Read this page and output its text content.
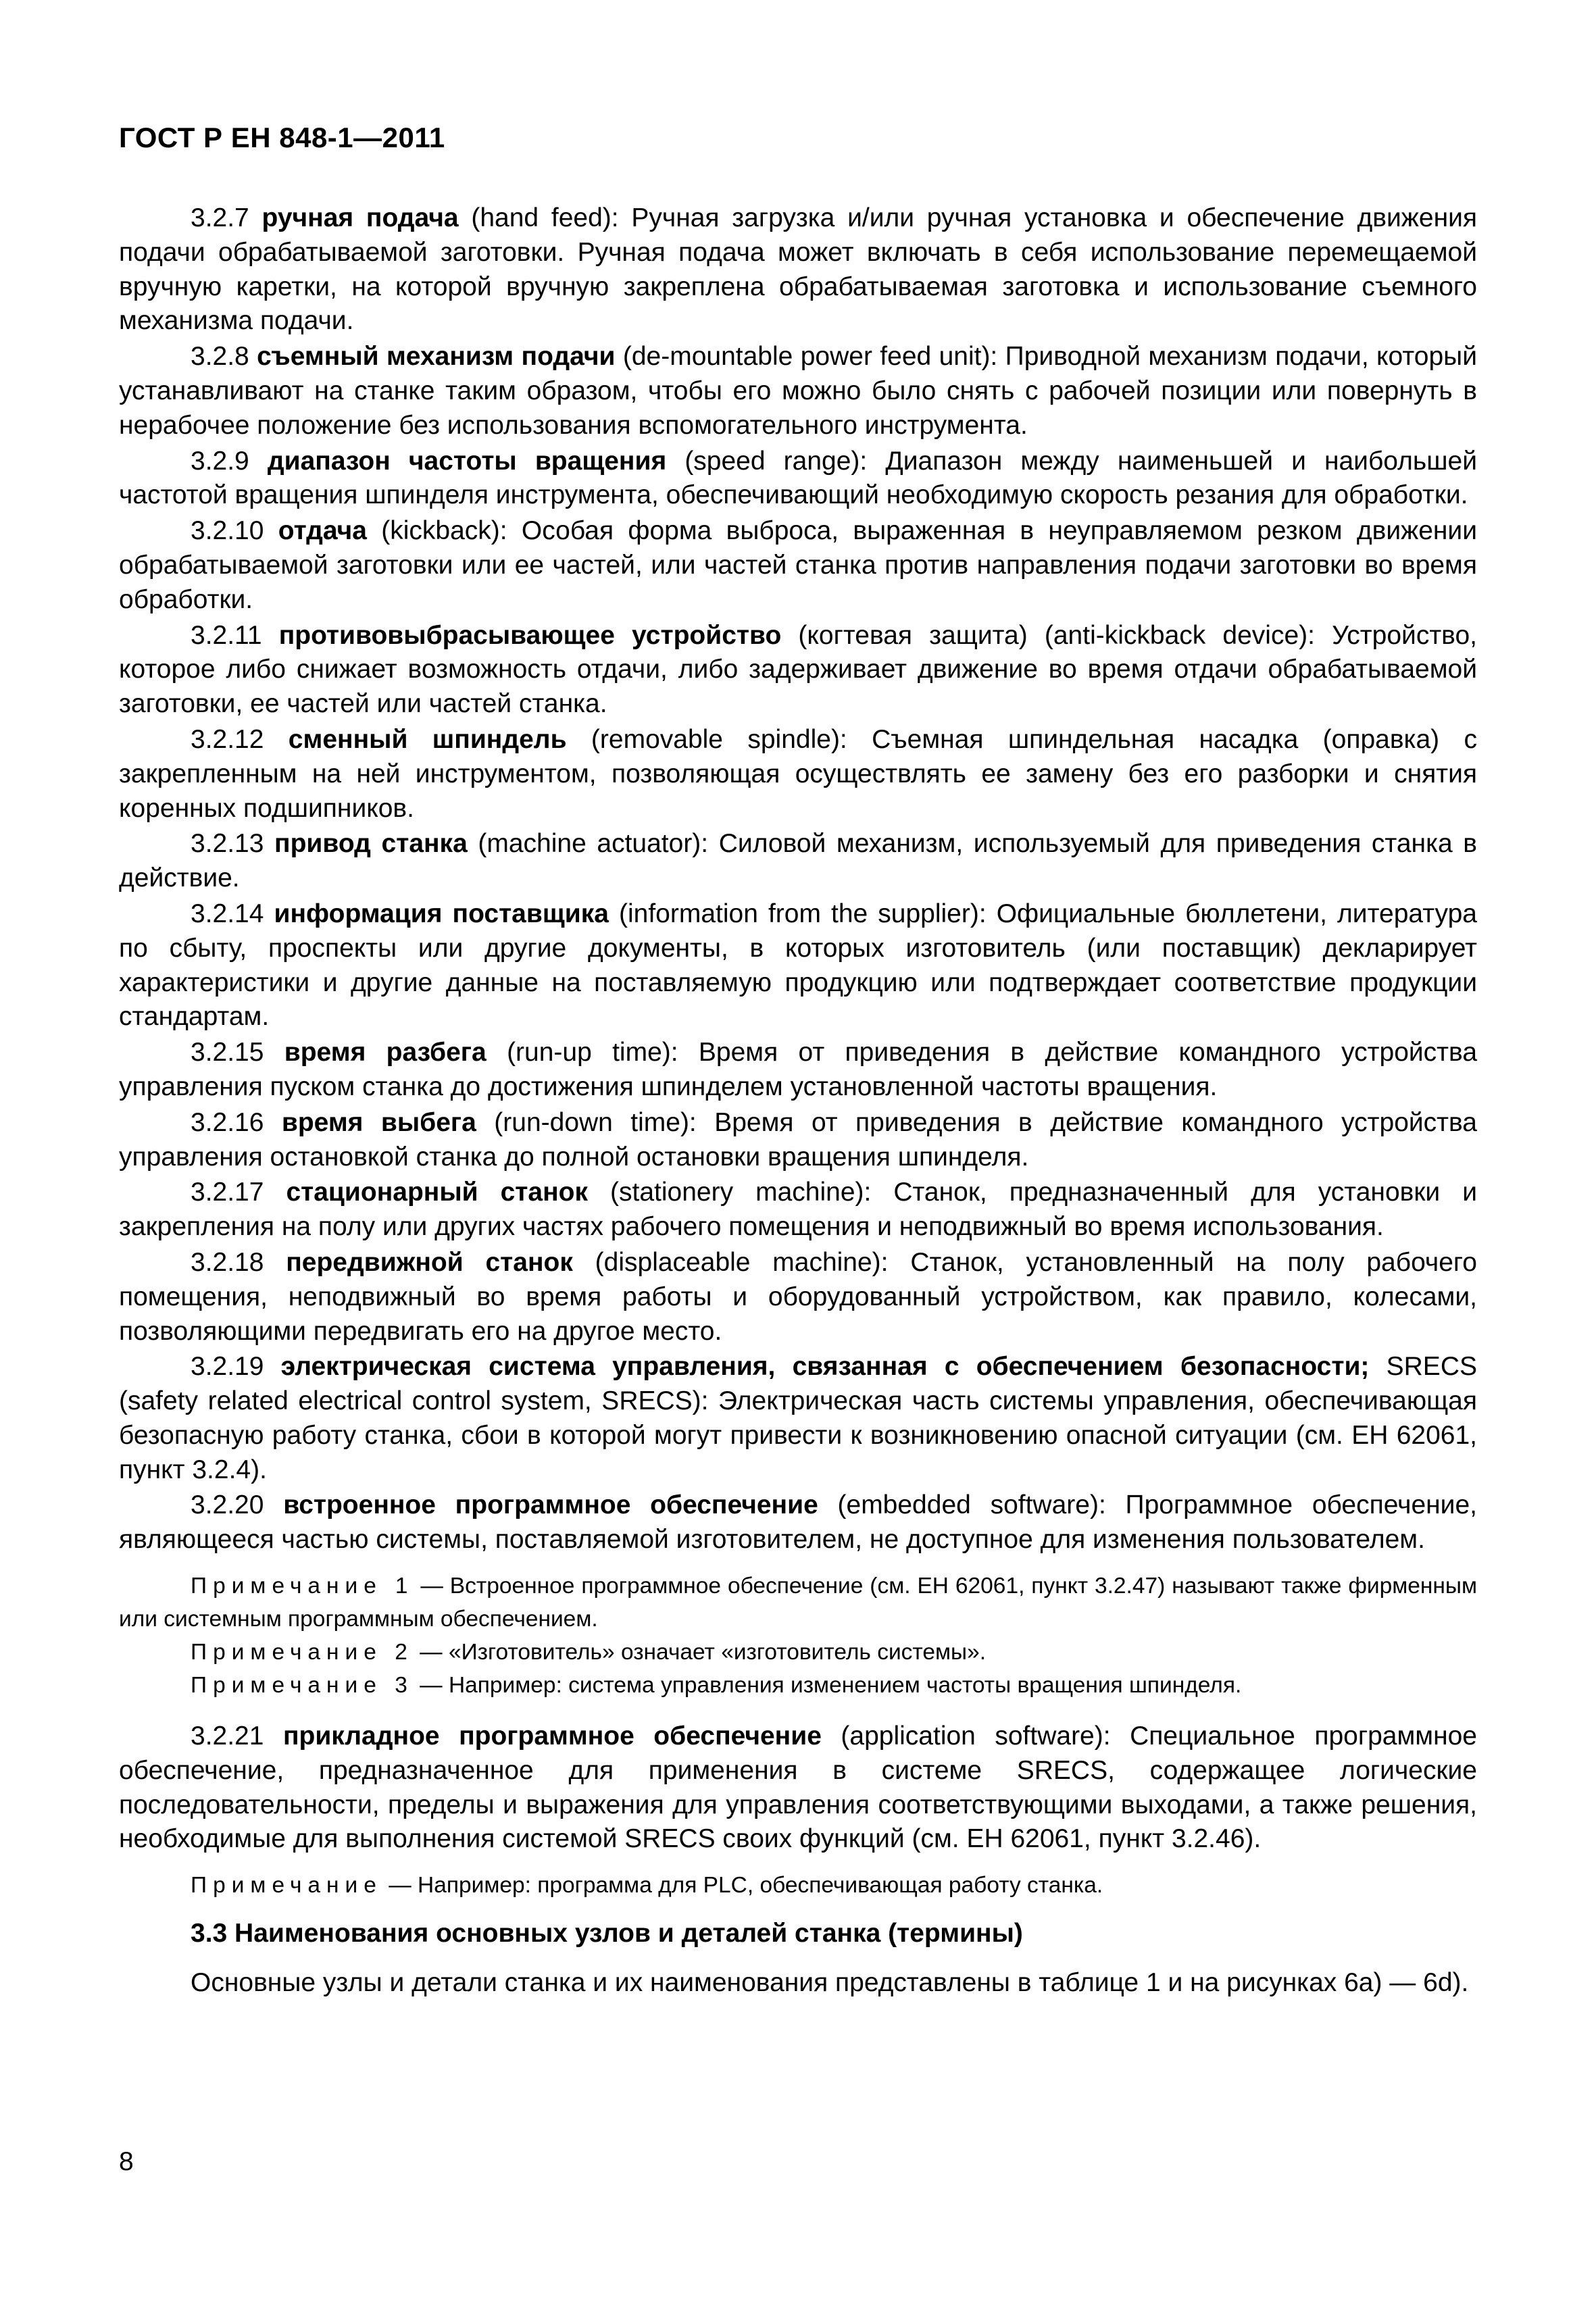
ГОСТ Р ЕН 848-1—2011

3.2.7 ручная подача (hand feed): Ручная загрузка и/или ручная установка и обеспечение движения подачи обрабатываемой заготовки. Ручная подача может включать в себя использование перемещаемой вручную каретки, на которой вручную закреплена обрабатываемая заготовка и использование съемного механизма подачи.

3.2.8 съемный механизм подачи (de-mountable power feed unit): Приводной механизм подачи, который устанавливают на станке таким образом, чтобы его можно было снять с рабочей позиции или повернуть в нерабочее положение без использования вспомогательного инструмента.

3.2.9 диапазон частоты вращения (speed range): Диапазон между наименьшей и наибольшей частотой вращения шпинделя инструмента, обеспечивающий необходимую скорость резания для обработки.

3.2.10 отдача (kickback): Особая форма выброса, выраженная в неуправляемом резком движении обрабатываемой заготовки или ее частей, или частей станка против направления подачи заготовки во время обработки.

3.2.11 противовыбрасывающее устройство (когтевая защита) (anti-kickback device): Устройство, которое либо снижает возможность отдачи, либо задерживает движение во время отдачи обрабатываемой заготовки, ее частей или частей станка.

3.2.12 сменный шпиндель (removable spindle): Съемная шпиндельная насадка (оправка) с закрепленным на ней инструментом, позволяющая осуществлять ее замену без его разборки и снятия коренных подшипников.

3.2.13 привод станка (machine actuator): Силовой механизм, используемый для приведения станка в действие.

3.2.14 информация поставщика (information from the supplier): Официальные бюллетени, литература по сбыту, проспекты или другие документы, в которых изготовитель (или поставщик) декларирует характеристики и другие данные на поставляемую продукцию или подтверждает соответствие продукции стандартам.

3.2.15 время разбега (run-up time): Время от приведения в действие командного устройства управления пуском станка до достижения шпинделем установленной частоты вращения.

3.2.16 время выбега (run-down time): Время от приведения в действие командного устройства управления остановкой станка до полной остановки вращения шпинделя.

3.2.17 стационарный станок (stationery machine): Станок, предназначенный для установки и закрепления на полу или других частях рабочего помещения и неподвижный во время использования.

3.2.18 передвижной станок (displaceable machine): Станок, установленный на полу рабочего помещения, неподвижный во время работы и оборудованный устройством, как правило, колесами, позволяющими передвигать его на другое место.

3.2.19 электрическая система управления, связанная с обеспечением безопасности; SRECS (safety related electrical control system, SRECS): Электрическая часть системы управления, обеспечивающая безопасную работу станка, сбои в которой могут привести к возникновению опасной ситуации (см. ЕН 62061, пункт 3.2.4).

3.2.20 встроенное программное обеспечение (embedded software): Программное обеспечение, являющееся частью системы, поставляемой изготовителем, не доступное для изменения пользователем.

Примечание 1 — Встроенное программное обеспечение (см. ЕН 62061, пункт 3.2.47) называют также фирменным или системным программным обеспечением.

Примечание 2 — «Изготовитель» означает «изготовитель системы».

Примечание 3 — Например: система управления изменением частоты вращения шпинделя.

3.2.21 прикладное программное обеспечение (application software): Специальное программное обеспечение, предназначенное для применения в системе SRECS, содержащее логические последовательности, пределы и выражения для управления соответствующими выходами, а также решения, необходимые для выполнения системой SRECS своих функций (см. ЕН 62061, пункт 3.2.46).

Примечание — Например: программа для PLC, обеспечивающая работу станка.

3.3 Наименования основных узлов и деталей станка (термины)

Основные узлы и детали станка и их наименования представлены в таблице 1 и на рисунках 6а) — 6d).

8
